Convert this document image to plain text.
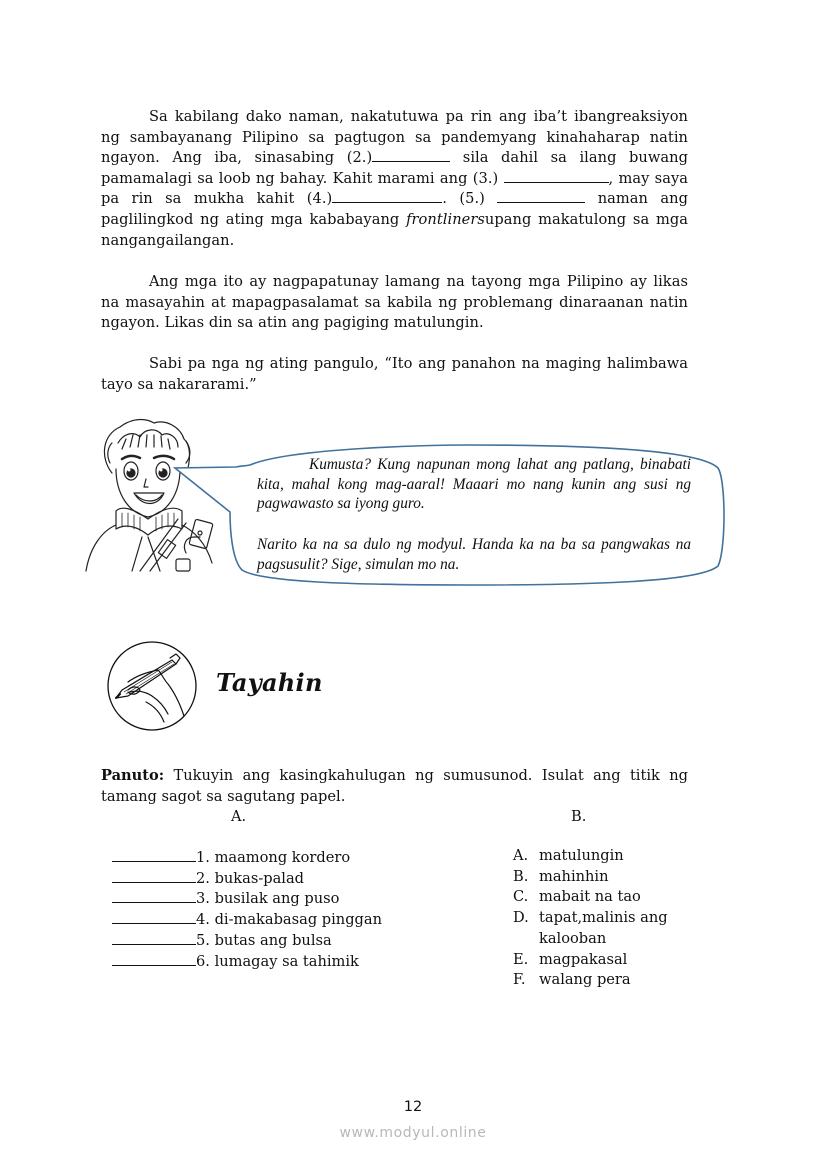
Sa kabilang dako naman, nakatutuwa pa rin ang iba’t ibangreaksiyon ng sambayanang Pilipino sa pagtugon sa pandemyang kinahaharap natin ngayon. Ang iba, sinasabing (2.)	sila dahil sa ilang buwang pamamalagi sa loob ng bahay. Kahit marami ang (3.)	, may saya pa rin sa mukha kahit (4.)	. (5.)	naman ang paglilingkod ng ating mga kababayang frontlinersupang makatulong sa mga nangangailangan.
Ang mga ito ay nagpapatunay lamang na tayong mga Pilipino ay likas na masayahin at mapagpasalamat sa kabila ng problemang dinaraanan natin ngayon. Likas din sa atin ang pagiging matulungin.
Sabi pa nga ng ating pangulo, “Ito ang panahon na maging halimbawa tayo sa nakararami.”
Kumusta? Kung napunan mong lahat ang patlang, binabati kita, mahal kong mag-aaral! Maaari mo nang kunin ang susi ng pagwawasto sa iyong guro.
Narito ka na sa dulo ng modyul. Handa ka na ba sa pangwakas na pagsusulit? Sige, simulan mo na.
Tayahin
Panuto: Tukuyin ang kasingkahulugan ng sumusunod. Isulat ang titik ng tamang sagot sa sagutang papel.
A.	B.
1. maamong kordero
2. bukas-palad
3. busilak ang puso
4. di-makabasag pinggan
5. butas ang bulsa
6. lumagay sa tahimik
A. matulungin
B. mahinhin
C. mabait na tao
D. tapat,malinis ang kalooban
E. magpakasal
F. walang pera
12
www.modyul.online
